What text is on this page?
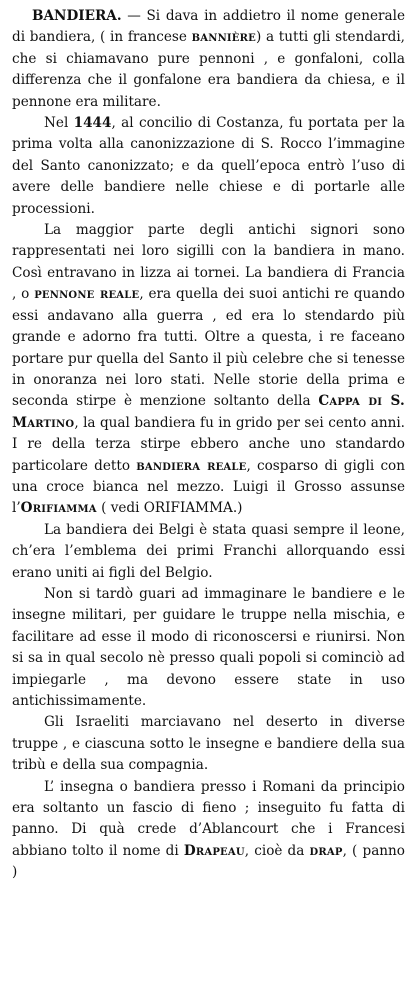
BANDIERA. — Si dava in addietro il nome generale di bandiera, ( in francese bannière) a tutti gli stendardi, che si chiamavano pure pennoni , e gonfaloni, colla differenza che il gonfalone era bandiera da chiesa, e il pennone era militare.

Nel 1444, al concilio di Costanza, fu portata per la prima volta alla canonizzazione di S. Rocco l’immagine del Santo canonizzato; e da quell’epoca entrò l’uso di avere delle bandiere nelle chiese e di portarle alle processioni.

La maggior parte degli antichi signori sono rappresentati nei loro sigilli con la bandiera in mano. Così entravano in lizza ai tornei. La bandiera di Francia , o pennone reale, era quella dei suoi antichi re quando essi andavano alla guerra , ed era lo stendardo più grande e adorno fra tutti. Oltre a questa, i re faceano portare pur quella del Santo il più celebre che si tenesse in onoranza nei loro stati. Nelle storie della prima e seconda stirpe è menzione soltanto della Cappa di S. Martino, la qual bandiera fu in grido per sei cento anni. I re della terza stirpe ebbero anche uno standardo particolare detto bandiera reale, cosparso di gigli con una croce bianca nel mezzo. Luigi il Grosso assunse l’Orifiamma ( vedi ORIFIAMMA.)

La bandiera dei Belgi è stata quasi sempre il leone, ch’era l’emblema dei primi Franchi allorquando essi erano uniti ai figli del Belgio.

Non si tardò guari ad immaginare le bandiere e le insegne militari, per guidare le truppe nella mischia, e facilitare ad esse il modo di riconoscersi e riunirsi. Non si sa in qual secolo nè presso quali popoli si cominciò ad impiegarle , ma devono essere state in uso antichissimamente.

Gli Israeliti marciavano nel deserto in diverse truppe , e ciascuna sotto le insegne e bandiere della sua tribù e della sua compagnia.

L’ insegna o bandiera presso i Romani da principio era soltanto un fascio di fieno ; inseguito fu fatta di panno. Di quà crede d’Ablancourt che i Francesi abbiano tolto il nome di Drapeau, cioè da drap, ( panno )
